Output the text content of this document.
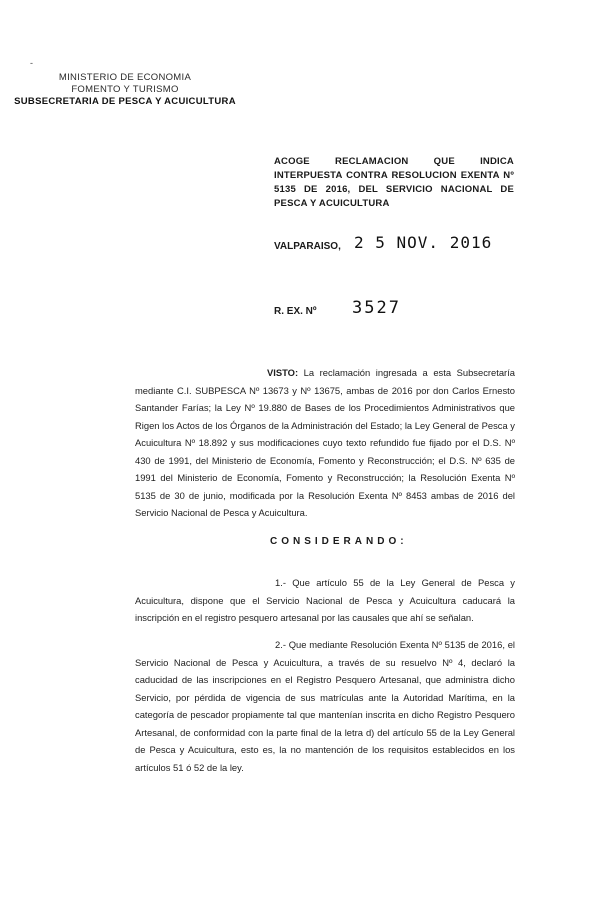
-
MINISTERIO DE ECONOMIA
FOMENTO Y TURISMO
SUBSECRETARIA DE PESCA Y ACUICULTURA
ACOGE RECLAMACION QUE INDICA INTERPUESTA CONTRA RESOLUCION EXENTA Nº 5135 DE 2016, DEL SERVICIO NACIONAL DE PESCA Y ACUICULTURA
VALPARAISO, 2 5 NOV. 2016
R. EX. Nº 3527
VISTO: La reclamación ingresada a esta Subsecretaría mediante C.I. SUBPESCA Nº 13673 y Nº 13675, ambas de 2016 por don Carlos Ernesto Santander Farías; la Ley Nº 19.880 de Bases de los Procedimientos Administrativos que Rigen los Actos de los Órganos de la Administración del Estado; la Ley General de Pesca y Acuicultura Nº 18.892 y sus modificaciones cuyo texto refundido fue fijado por el D.S. Nº 430 de 1991, del Ministerio de Economía, Fomento y Reconstrucción; el D.S. Nº 635 de 1991 del Ministerio de Economía, Fomento y Reconstrucción; la Resolución Exenta Nº 5135 de 30 de junio, modificada por la Resolución Exenta Nº 8453 ambas de 2016 del Servicio Nacional de Pesca y Acuicultura.
CONSIDERANDO:
1.- Que artículo 55 de la Ley General de Pesca y Acuicultura, dispone que el Servicio Nacional de Pesca y Acuicultura caducará la inscripción en el registro pesquero artesanal por las causales que ahí se señalan.
2.- Que mediante Resolución Exenta Nº 5135 de 2016, el Servicio Nacional de Pesca y Acuicultura, a través de su resuelvo Nº 4, declaró la caducidad de las inscripciones en el Registro Pesquero Artesanal, que administra dicho Servicio, por pérdida de vigencia de sus matrículas ante la Autoridad Marítima, en la categoría de pescador propiamente tal que mantenían inscrita en dicho Registro Pesquero Artesanal, de conformidad con la parte final de la letra d) del artículo 55 de la Ley General de Pesca y Acuicultura, esto es, la no mantención de los requisitos establecidos en los artículos 51 ó 52 de la ley.
